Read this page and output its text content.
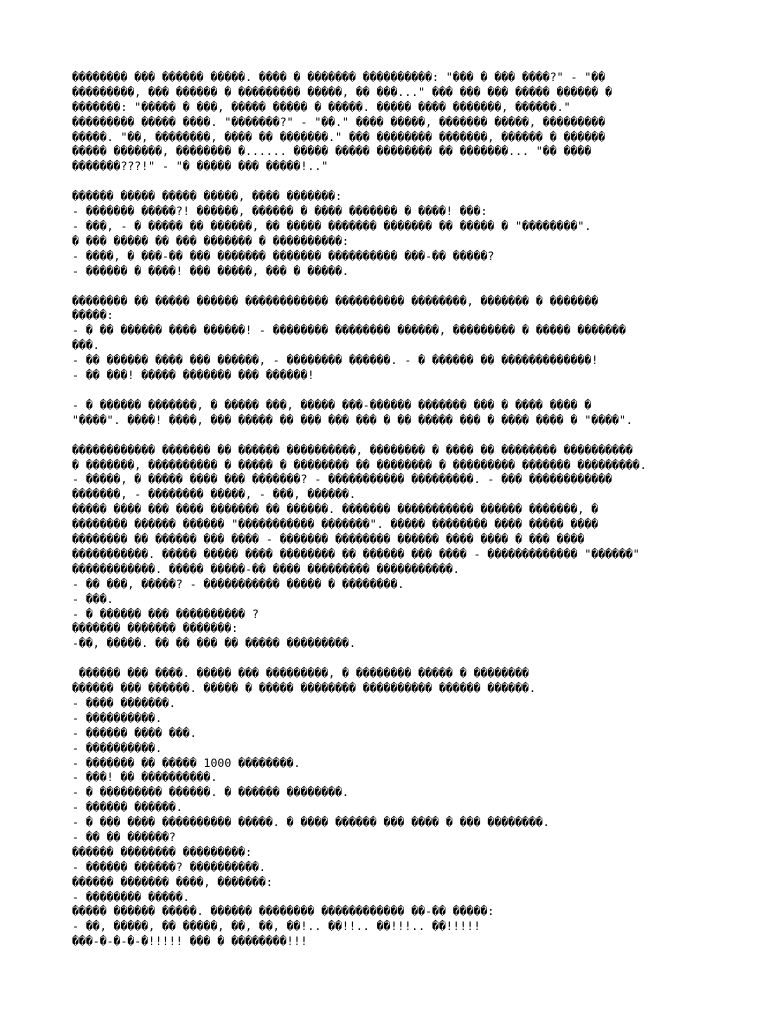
�������� ��� ������ �����. ���� � ������� ����������: "��� � ��� ����?" - "��
���������, ��� ������ � ��������� �����, �� ���..." ��� ��� ��� ����� ������ �
�������: "����� � ���, ����� ����� � �����. ����� ���� �������, ������."
��������� ����� ����. "�������?" - "��." ���� �����, ������� �����, ���������
�����. "��, ��������, ���� �� �������." ��� �������� �������, ������ � ������
����� �������, �������� �...... ����� ����� �������� �� �������... "�� ����
�������???!" - "� ����� ��� �����!.."
������ ����� ����� �����, ���� �������:
- ������� �����?! ������, ������ � ���� ������� � ����! ���:
- ���, - � ����� �� ������, �� ����� ������� ������� �� ����� � "��������".
� ��� ����� �� ��� ������� � ����������:
- ����, � ���-�� ��� ������� ������� ���������� ���-�� �����?
- ������ � ����! ��� �����, ��� � �����.
�������� �� ����� ������ ������������ ���������� ��������, ������� � �������
�����:
- � �� ������ ���� ������! - �������� �������� ������, ��������� � ����� �������
���.
- �� ������ ���� ��� ������, - �������� ������. - � ������ �� �������������!
- �� ���! ����� ������� ��� ������!
- � ������ �������, � ����� ���, ����� ���-������ ������� ��� � ���� ���� �
"����". ����! ����, ��� ����� �� ��� ��� ��� � �� ����� ��� � ���� ���� � "����".
������������ ������� �� ������ ����������, �������� � ���� �� �������� ����������
� �������, ���������� � ����� � �������� �� �������� � ��������� ������� ���������.
- �����, � ����� ���� ��� �������? - ����������� ���������. - ��� ������������
�������, - �������� �����, - ���, ������.
����� ���� ��� ���� ������� �� ������. ������� ����������� ������ �������, �
�������� ������ ������ "����������� �������". ����� �������� ���� ����� ����
�������� �� ������ ��� ���� - ������� �������� ������ ���� ���� � ��� ����
�����������. ����� ����� ���� �������� �� ������ ��� ���� - ������������� "������"
������������. ����� �����-�� ���� ��������� �����������.
- �� ���, �����? - ����������� ����� � ��������.
- ���.
- � ������ ��� ���������� ?
������� ������� �������:
-��, �����. �� �� ��� �� ����� ���������.
������ ��� ����. ����� ��� ���������, � �������� ����� � ��������
������ ��� ������. ����� � ����� �������� ���������� ������ ������.
- ���� �������.
- ����������.
- ������ ���� ���.
- ����������.
- ������� �� ����� 1000 ��������.
- ���! �� ����������.
- � ��������� ������. � ������ ��������.
- ������ ������.
- � ��� ���� ���������� �����. � ���� ������ ��� ���� � ��� ��������.
- �� �� ������?
������ �������� ���������:
- ������ ������? ����������.
������ ������� ����, �������:
- �������� �����.
����� ������ �����. ������ �������� ������������ ��-�� �����:
- ��, �����, �� �����, ��, ��, ��!.. ��!!.. ��!!!.. ��!!!!!
���-�-�-�-�!!!!! ��� � ��������!!!
